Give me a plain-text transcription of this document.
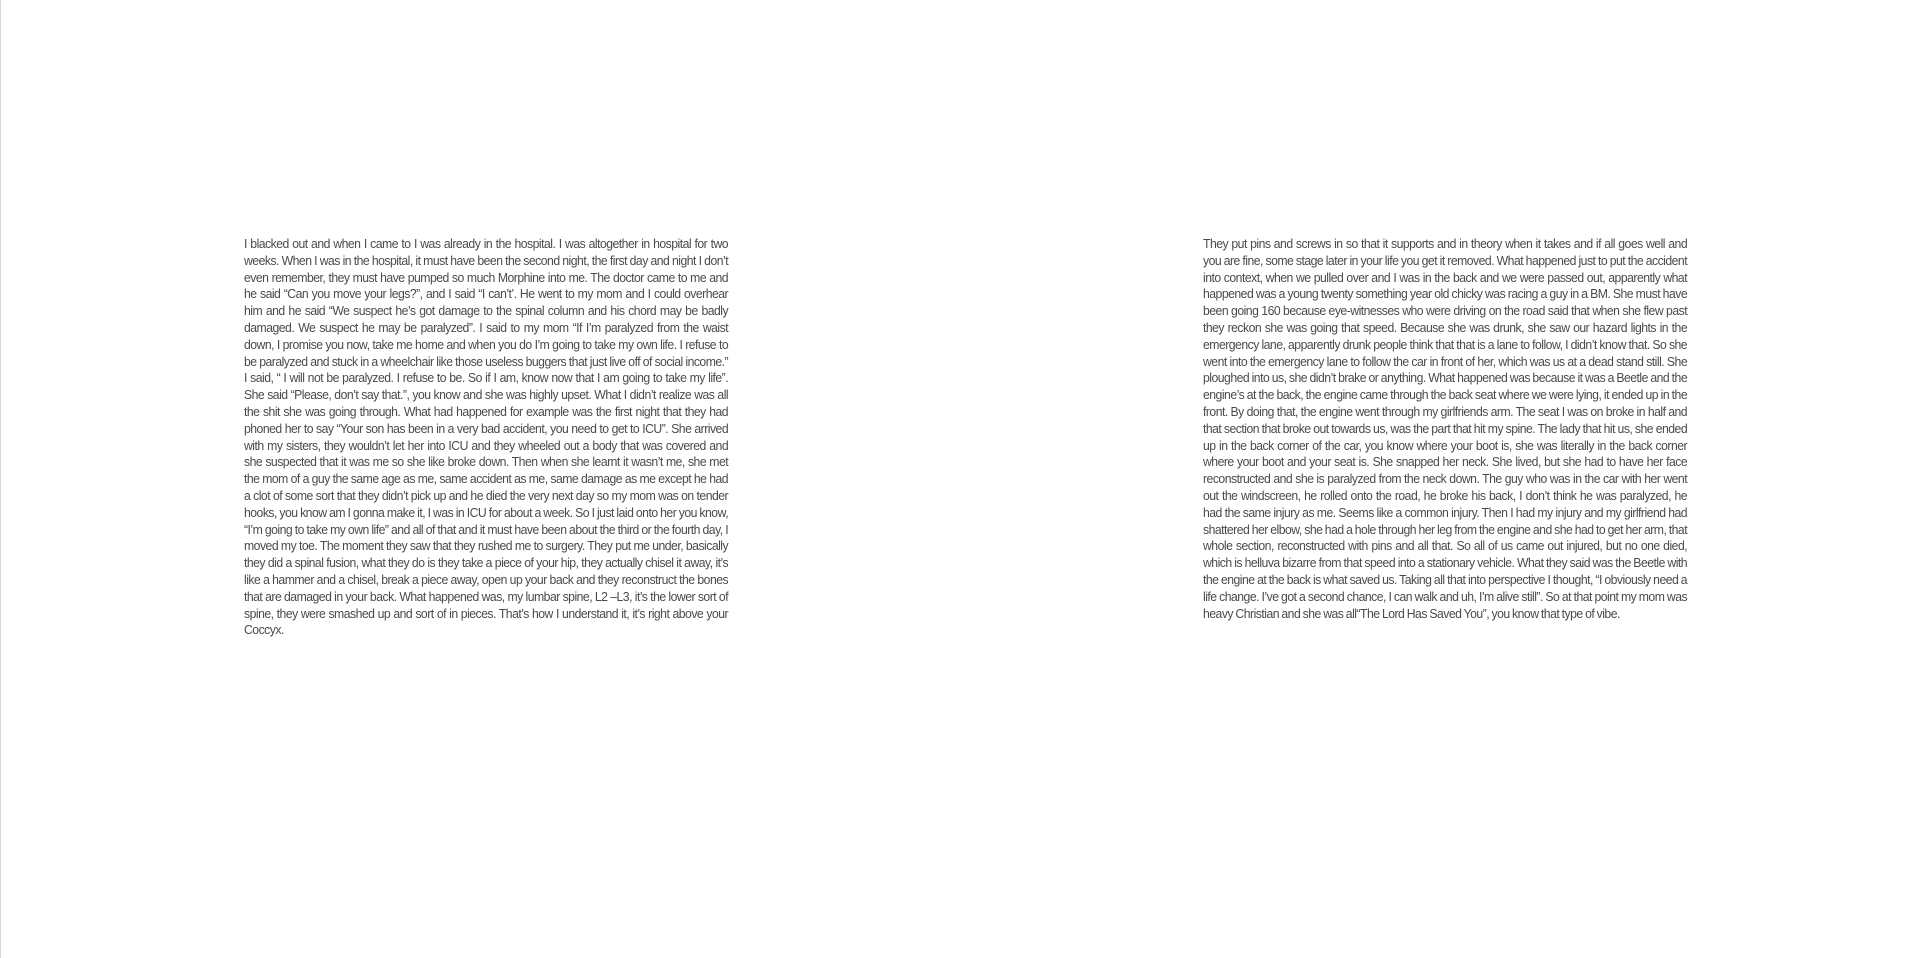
I blacked out and when I came to I was already in the hospital. I was altogether in hospital for two weeks. When I was in the hospital, it must have been the second night, the first day and night I don’t even remember, they must have pumped so much Morphine into me. The doctor came to me and he said “Can you move your legs?”, and I said “I can’t’. He went to my mom and I could overhear him and he said “We suspect he’s got damage to the spinal column and his chord may be badly damaged. We suspect he may be paralyzed”. I said to my mom “If I’m paralyzed from the waist down, I promise you now, take me home and when you do I’m going to take my own life. I refuse to be paralyzed and stuck in a wheelchair like those useless buggers that just live off of social income.” I said, “ I will not be paralyzed. I refuse to be. So if I am, know now that I am going to take my life”. She said “Please, don’t say that.”, you know and she was highly upset. What I didn’t realize was all the shit she was going through. What had happened for example was the first night that they had phoned her to say “Your son has been in a very bad accident, you need to get to ICU”. She arrived with my sisters, they wouldn’t let her into ICU and they wheeled out a body that was covered and she suspected that it was me so she like broke down. Then when she learnt it wasn’t me, she met the mom of a guy the same age as me, same accident as me, same damage as me except he had a clot of some sort that they didn’t pick up and he died the very next day so my mom was on tender hooks, you know am I gonna make it, I was in ICU for about a week. So I just laid onto her you know, “I’m going to take my own life” and all of that and it must have been about the third or the fourth day, I moved my toe. The moment they saw that they rushed me to surgery. They put me under, basically they did a spinal fusion, what they do is they take a piece of your hip, they actually chisel it away, it’s like a hammer and a chisel, break a piece away, open up your back and they reconstruct the bones that are damaged in your back. What happened was, my lumbar spine, L2 –L3, it’s the lower sort of spine, they were smashed up and sort of in pieces. That’s how I understand it, it’s right above your Coccyx.

They put pins and screws in so that it supports and in theory when it takes and if all goes well and you are fine, some stage later in your life you get it removed. What happened just to put the accident into context, when we pulled over and I was in the back and we were passed out, apparently what happened was a young twenty something year old chicky was racing a guy in a BM. She must have been going 160 because eye-witnesses who were driving on the road said that when she flew past they reckon she was going that speed. Because she was drunk, she saw our hazard lights in the emergency lane, apparently drunk people think that that is a lane to follow, I didn’t know that. So she went into the emergency lane to follow the car in front of her, which was us at a dead stand still. She ploughed into us, she didn’t brake or anything. What happened was because it was a Beetle and the engine’s at the back, the engine came through the back seat where we were lying, it ended up in the front. By doing that, the engine went through my girlfriends arm. The seat I was on broke in half and that section that broke out towards us, was the part that hit my spine. The lady that hit us, she ended up in the back corner of the car, you know where your boot is, she was literally in the back corner where your boot and your seat is. She snapped her neck. She lived, but she had to have her face reconstructed and she is paralyzed from the neck down. The guy who was in the car with her went out the windscreen, he rolled onto the road, he broke his back, I don’t think he was paralyzed, he had the same injury as me. Seems like a common injury. Then I had my injury and my girlfriend had shattered her elbow, she had a hole through her leg from the engine and she had to get her arm, that whole section, reconstructed with pins and all that. So all of us came out injured, but no one died, which is helluva bizarre from that speed into a stationary vehicle. What they said was the Beetle with the engine at the back is what saved us. Taking all that into perspective I thought, “I obviously need a life change. I’ve got a second chance, I can walk and uh, I’m alive still”. So at that point my mom was heavy Christian and she was all“The Lord Has Saved You”, you know that type of vibe.
